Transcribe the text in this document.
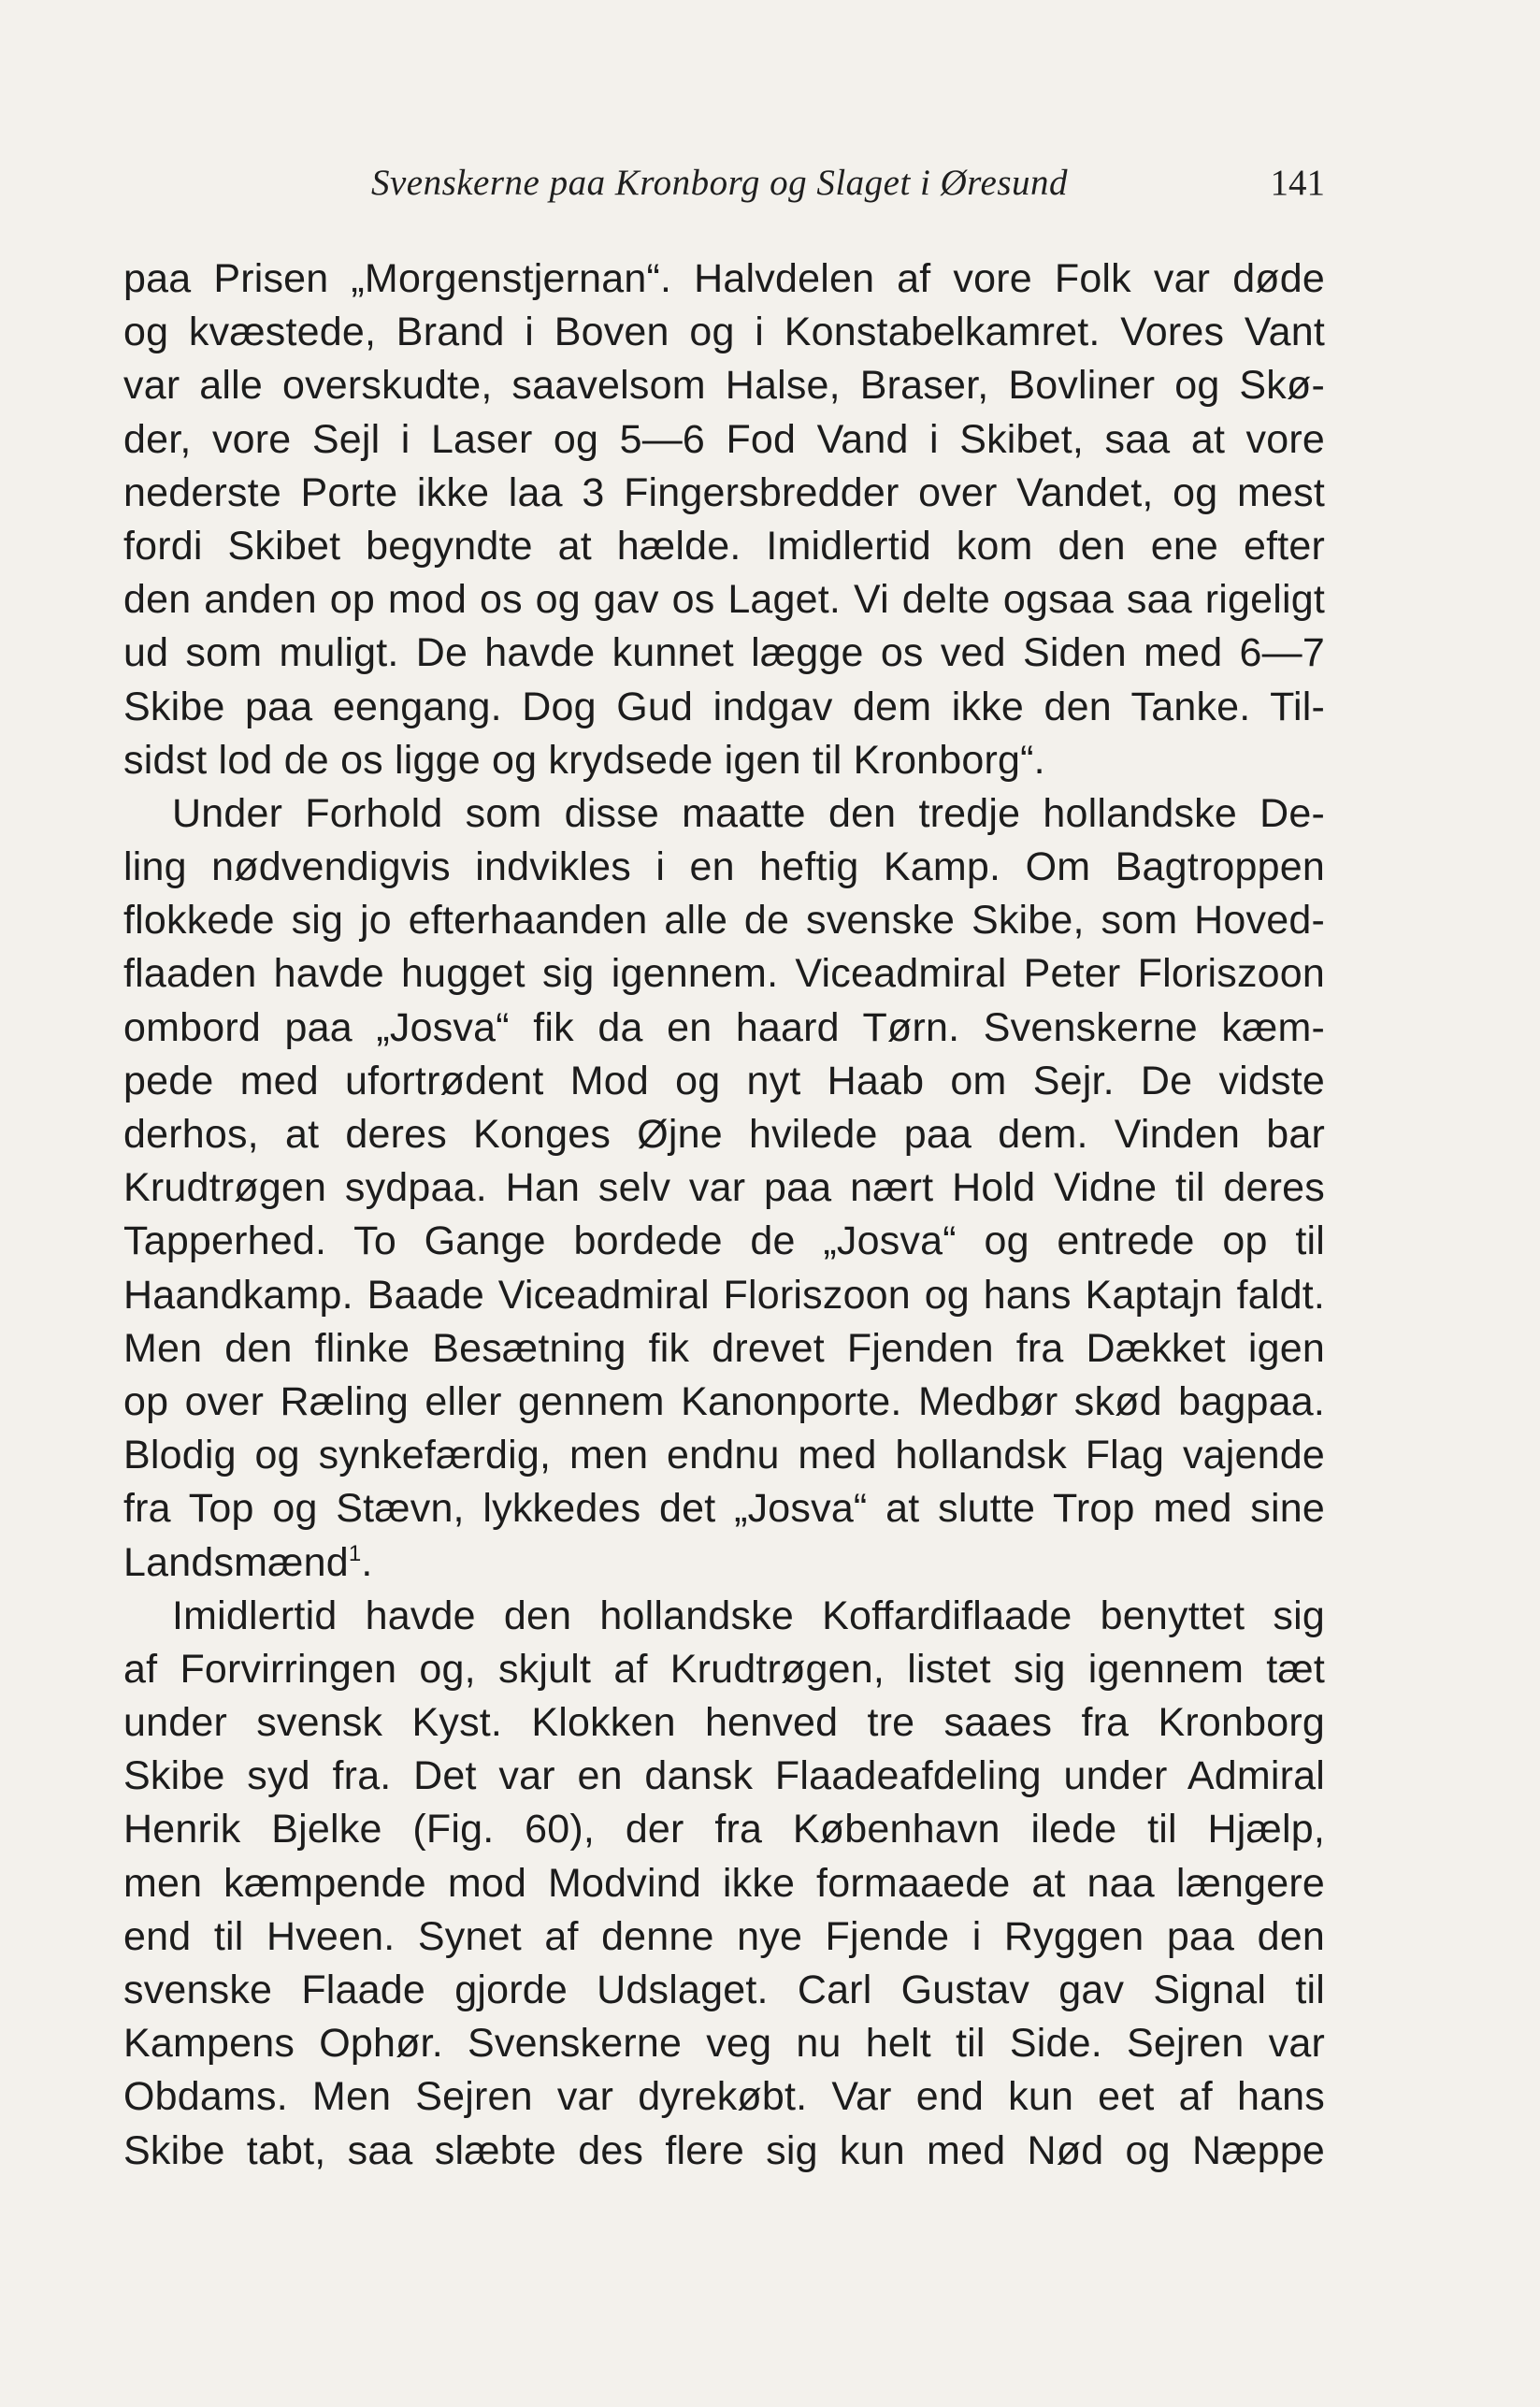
Svenskerne paa Kronborg og Slaget i Øresund	141
paa Prisen „Morgenstjernan“. Halvdelen af vore Folk var døde
og kvæstede, Brand i Boven og i Konstabelkamret. Vores Vant
var alle overskudte, saavelsom Halse, Braser, Bovliner og Skø-
der, vore Sejl i Laser og 5—6 Fod Vand i Skibet, saa at vore
nederste Porte ikke laa 3 Fingersbredder over Vandet, og mest
fordi Skibet begyndte at hælde. Imidlertid kom den ene efter
den anden op mod os og gav os Laget. Vi delte ogsaa saa rigeligt
ud som muligt. De havde kunnet lægge os ved Siden med 6—7
Skibe paa eengang. Dog Gud indgav dem ikke den Tanke. Til-
sidst lod de os ligge og krydsede igen til Kronborg“.
Under Forhold som disse maatte den tredje hollandske De-
ling nødvendigvis indvikles i en heftig Kamp. Om Bagtroppen
flokkede sig jo efterhaanden alle de svenske Skibe, som Hoved-
flaaden havde hugget sig igennem. Viceadmiral Peter Floriszoon
ombord paa „Josva“ fik da en haard Tørn. Svenskerne kæm-
pede med ufortrødent Mod og nyt Haab om Sejr. De vidste
derhos, at deres Konges Øjne hvilede paa dem. Vinden bar
Krudtrøgen sydpaa. Han selv var paa nært Hold Vidne til deres
Tapperhed. To Gange bordede de „Josva“ og entrede op til
Haandkamp. Baade Viceadmiral Floriszoon og hans Kaptajn faldt.
Men den flinke Besætning fik drevet Fjenden fra Dækket igen
op over Ræling eller gennem Kanonporte. Medbør skød bagpaa.
Blodig og synkefærdig, men endnu med hollandsk Flag vajende
fra Top og Stævn, lykkedes det „Josva“ at slutte Trop med sine
Landsmænd$^1$.
Imidlertid havde den hollandske Koffardiflaade benyttet sig
af Forvirringen og, skjult af Krudtrøgen, listet sig igennem tæt
under svensk Kyst. Klokken henved tre saaes fra Kronborg
Skibe syd fra. Det var en dansk Flaadeafdeling under Admiral
Henrik Bjelke (Fig. 60), der fra København ilede til Hjælp,
men kæmpende mod Modvind ikke formaaede at naa længere
end til Hveen. Synet af denne nye Fjende i Ryggen paa den
svenske Flaade gjorde Udslaget. Carl Gustav gav Signal til
Kampens Ophør. Svenskerne veg nu helt til Side. Sejren var
Obdams. Men Sejren var dyrekøbt. Var end kun eet af hans
Skibe tabt, saa slæbte des flere sig kun med Nød og Næppe
